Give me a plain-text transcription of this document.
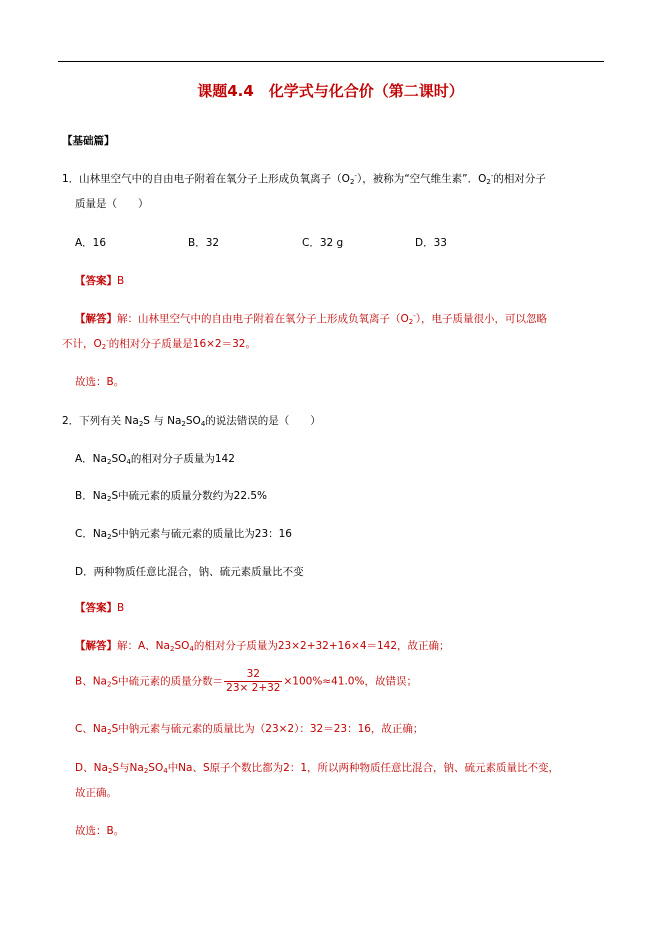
课题4.4　化学式与化合价（第二课时）
【基础篇】
1．山林里空气中的自由电子附着在氧分子上形成负氧离子$(O_2^-)$，被称为“空气维生素”．$O_2^-$的相对分子
质量是（　　）
A．16	B．32	C．32 g	D．33
【答案】B
【解答】解：山林里空气中的自由电子附着在氧分子上形成负氧离子$(O_2^-)$，电子质量很小，可以忽略
不计，$O_2^-$的相对分子质量是16×2＝32。
故选：B。
2．下列有关 $Na_2S$ 与 $Na_2SO_4$的说法错误的是（　　）
A．$Na_2SO_4$的相对分子质量为142
B．$Na_2S$中硫元素的质量分数约为22.5%
C．$Na_2S$中钠元素与硫元素的质量比为23：16
D．两种物质任意比混合，钠、硫元素质量比不变
【答案】B
【解答】解：A、$Na_2SO_4$的相对分子质量为23×2+32+16×4＝142，故正确；
B、$Na_2S$中硫元素的质量分数＝ $\frac{32}{23\times 2+32} \times 100\%\approx 41.0\%$，故错误；
C、$Na_2S$中钠元素与硫元素的质量比为（23×2）：32＝23：16，故正确；
D、$Na_2S$与$Na_2SO_4$中Na、S原子个数比都为2：1，所以两种物质任意比混合，钠、硫元素质量比不变，
故正确。
故选：B。
